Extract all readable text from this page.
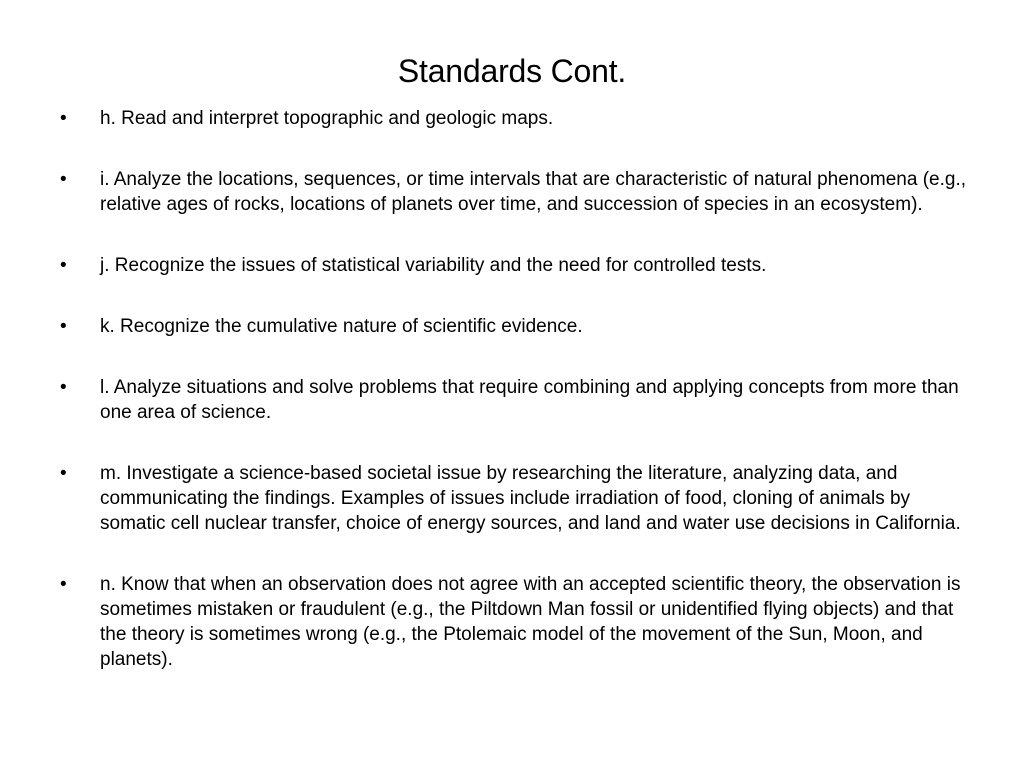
Standards Cont.
• h. Read and interpret topographic and geologic maps.
• i. Analyze the locations, sequences, or time intervals that are characteristic of natural phenomena (e.g., relative ages of rocks, locations of planets over time, and succession of species in an ecosystem).
• j. Recognize the issues of statistical variability and the need for controlled tests.
• k. Recognize the cumulative nature of scientific evidence.
• l. Analyze situations and solve problems that require combining and applying concepts from more than one area of science.
• m. Investigate a science-based societal issue by researching the literature, analyzing data, and communicating the findings. Examples of issues include irradiation of food, cloning of animals by somatic cell nuclear transfer, choice of energy sources, and land and water use decisions in California.
• n. Know that when an observation does not agree with an accepted scientific theory, the observation is sometimes mistaken or fraudulent (e.g., the Piltdown Man fossil or unidentified flying objects) and that the theory is sometimes wrong (e.g., the Ptolemaic model of the movement of the Sun, Moon, and planets).
